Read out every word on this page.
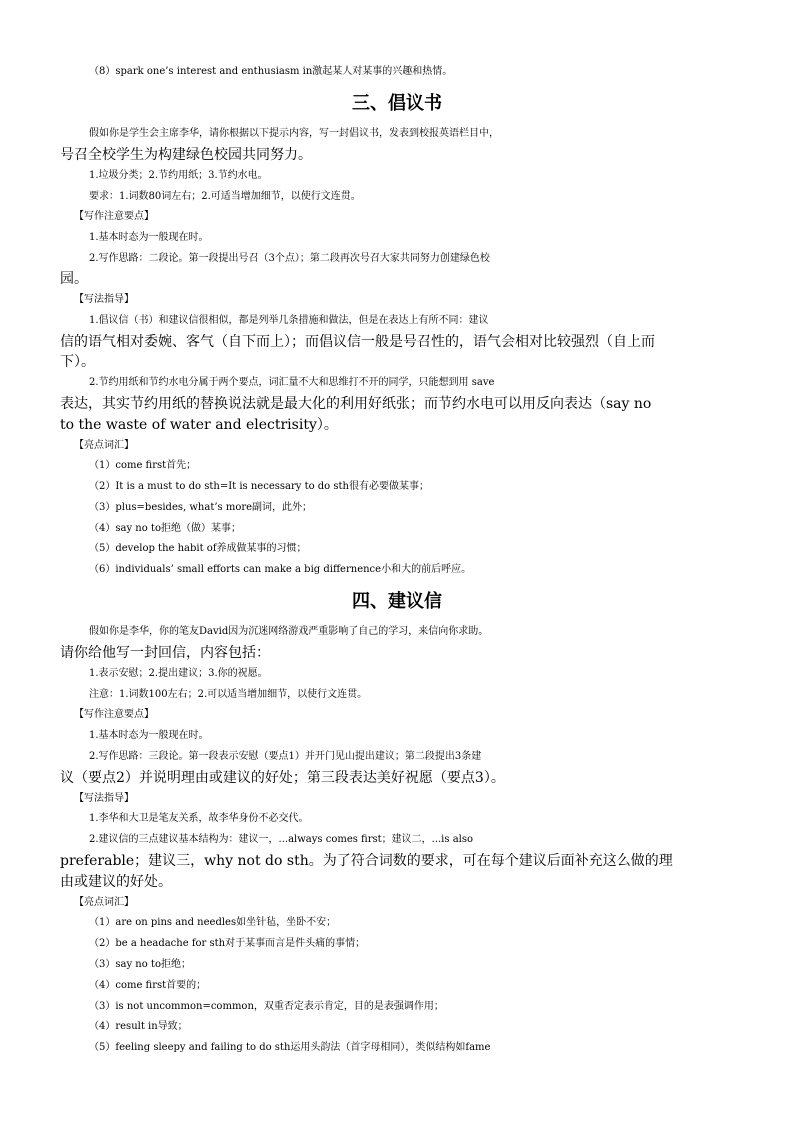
（8）spark one’s interest and enthusiasm in激起某人对某事的兴趣和热情。
三、倡议书
假如你是学生会主席李华，请你根据以下提示内容，写一封倡议书，发表到校报英语栏目中，
号召全校学生为构建绿色校园共同努力。
1.垃圾分类；2.节约用纸；3.节约水电。
要求：1.词数80词左右；2.可适当增加细节，以使行文连贯。
【写作注意要点】
1.基本时态为一般现在时。
2.写作思路：二段论。第一段提出号召（3个点）；第二段再次号召大家共同努力创建绿色校
园。
【写法指导】
1.倡议信（书）和建议信很相似，都是列举几条措施和做法，但是在表达上有所不同：建议
信的语气相对委婉、客气（自下而上）；而倡议信一般是号召性的，语气会相对比较强烈（自上而
下）。
2.节约用纸和节约水电分属于两个要点，词汇量不大和思维打不开的同学，只能想到用 save
表达，其实节约用纸的替换说法就是最大化的利用好纸张；而节约水电可以用反向表达（say no
to the waste of water and electrisity）。
【亮点词汇】
（1）come first首先；
（2）It is a must to do sth=It is necessary to do sth很有必要做某事；
（3）plus=besides, what’s more副词，此外；
（4）say no to拒绝（做）某事；
（5）develop the habit of养成做某事的习惯；
（6）individuals’ small efforts can make a big differnence小和大的前后呼应。
四、建议信
假如你是李华，你的笔友David因为沉迷网络游戏严重影响了自己的学习，来信向你求助。
请你给他写一封回信，内容包括：
1.表示安慰；2.提出建议；3.你的祝愿。
注意：1.词数100左右；2.可以适当增加细节，以使行文连贯。
【写作注意要点】
1.基本时态为一般现在时。
2.写作思路：三段论。第一段表示安慰（要点1）并开门见山提出建议；第二段提出3条建
议（要点2）并说明理由或建议的好处；第三段表达美好祝愿（要点3）。
【写法指导】
1.李华和大卫是笔友关系，故李华身份不必交代。
2.建议信的三点建议基本结构为：建议一，...always comes first；建议二，...is also
preferable；建议三，why not do sth。为了符合词数的要求，可在每个建议后面补充这么做的理
由或建议的好处。
【亮点词汇】
（1）are on pins and needles如坐针毡，坐卧不安；
（2）be a headache for sth对于某事而言是件头痛的事情；
（3）say no to拒绝；
（4）come first首要的；
（3）is not uncommon=common，双重否定表示肯定，目的是表强调作用；
（4）result in导致；
（5）feeling sleepy and failing to do sth运用头韵法（首字母相同），类似结构如fame
